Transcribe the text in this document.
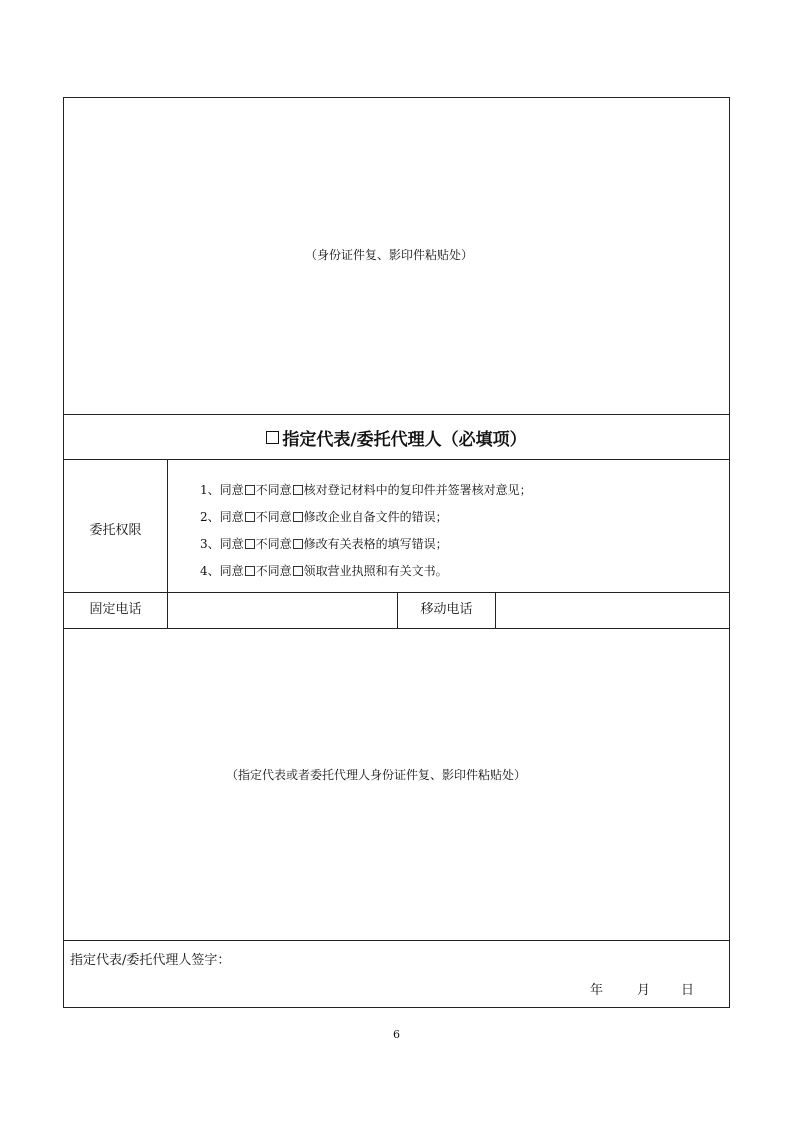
（身份证件复、影印件粘贴处）
指定代表/委托代理人（必填项）
委托权限
1、同意 不同意 核对登记材料中的复印件并签署核对意见；
2、同意 不同意 修改企业自备文件的错误；
3、同意 不同意 修改有关表格的填写错误；
4、同意 不同意 领取营业执照和有关文书。
固定电话	移动电话
（指定代表或者委托代理人身份证件复、影印件粘贴处）
指定代表/委托代理人签字：
年	月 日
6
